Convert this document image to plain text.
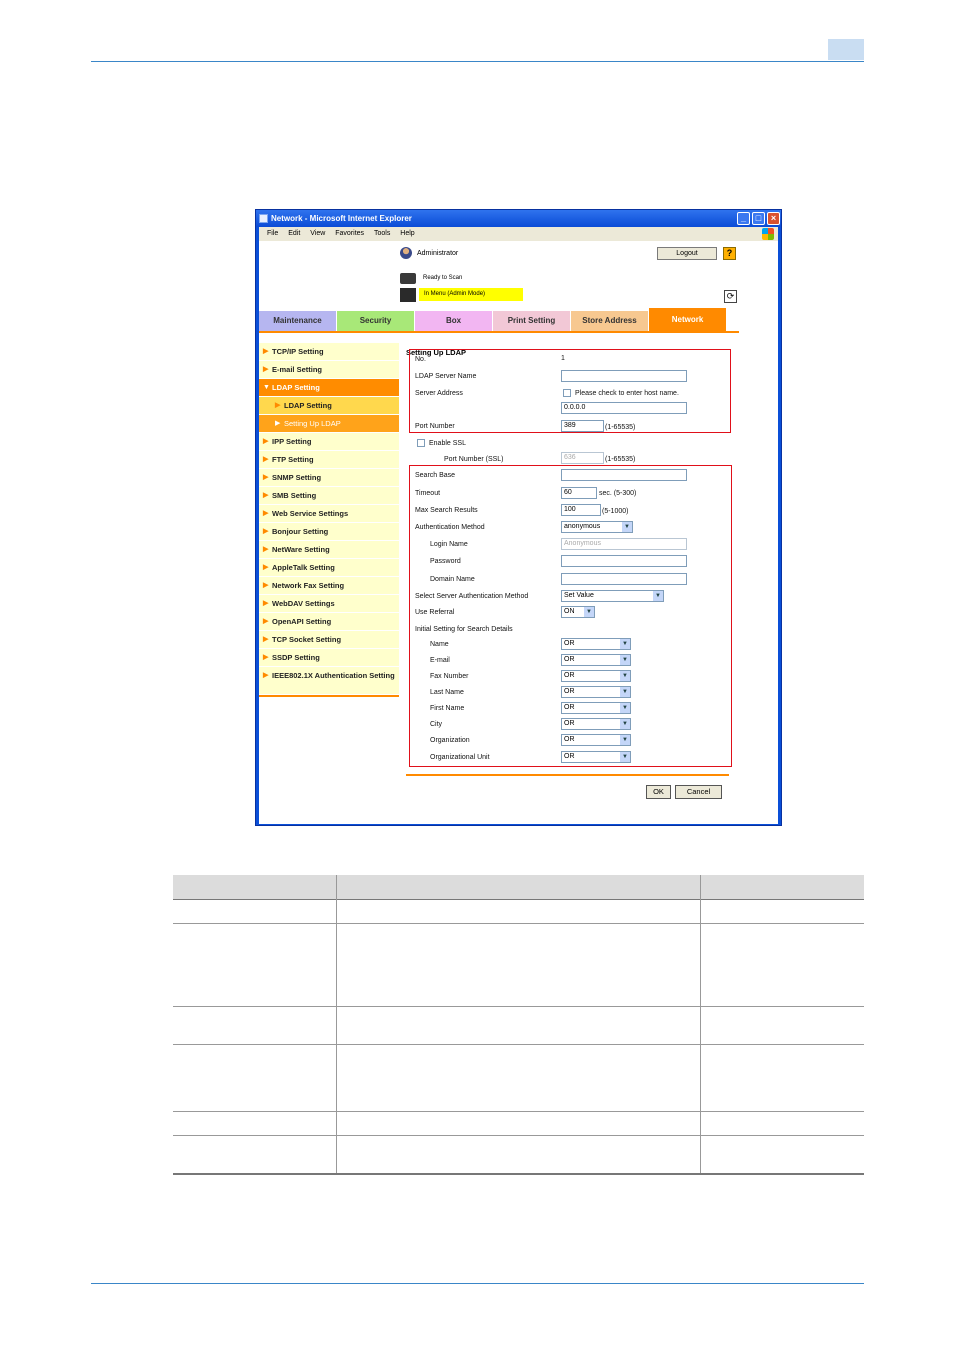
Network - Microsoft Internet Explorer	_	□	×
File Edit View Favorites Tools Help
Administrator	Logout	?
Ready to Scan
In Menu (Admin Mode)	⟳
Maintenance	Security	Box	Print Setting	Store Address	Network
▶ TCP/IP Setting
▶ E-mail Setting
▼ LDAP Setting
▶ LDAP Setting
▶ Setting Up LDAP
▶ IPP Setting
▶ FTP Setting
▶ SNMP Setting
▶ SMB Setting
▶ Web Service Settings
▶ Bonjour Setting
▶ NetWare Setting
▶ AppleTalk Setting
▶ Network Fax Setting
▶ WebDAV Settings
▶ OpenAPI Setting
▶ TCP Socket Setting
▶ SSDP Setting
▶ IEEE802.1X Authentication Setting
Setting Up LDAP
No.	1
LDAP Server Name
Server Address	Please check to enter host name.
0.0.0.0
Port Number	389	(1-65535)
Enable SSL
Port Number (SSL)	636	(1-65535)
Search Base
Timeout	60	sec. (5-300)
Max Search Results	100	(5-1000)
Authentication Method	anonymous	▼
Login Name	Anonymous
Password
Domain Name
Select Server Authentication Method	Set Value	▼
Use Referral	ON	▼
Initial Setting for Search Details
Name	OR	▼
E-mail	OR	▼
Fax Number	OR	▼
Last Name	OR	▼
First Name	OR	▼
City	OR	▼
Organization	OR	▼
Organizational Unit	OR	▼
OK	Cancel
